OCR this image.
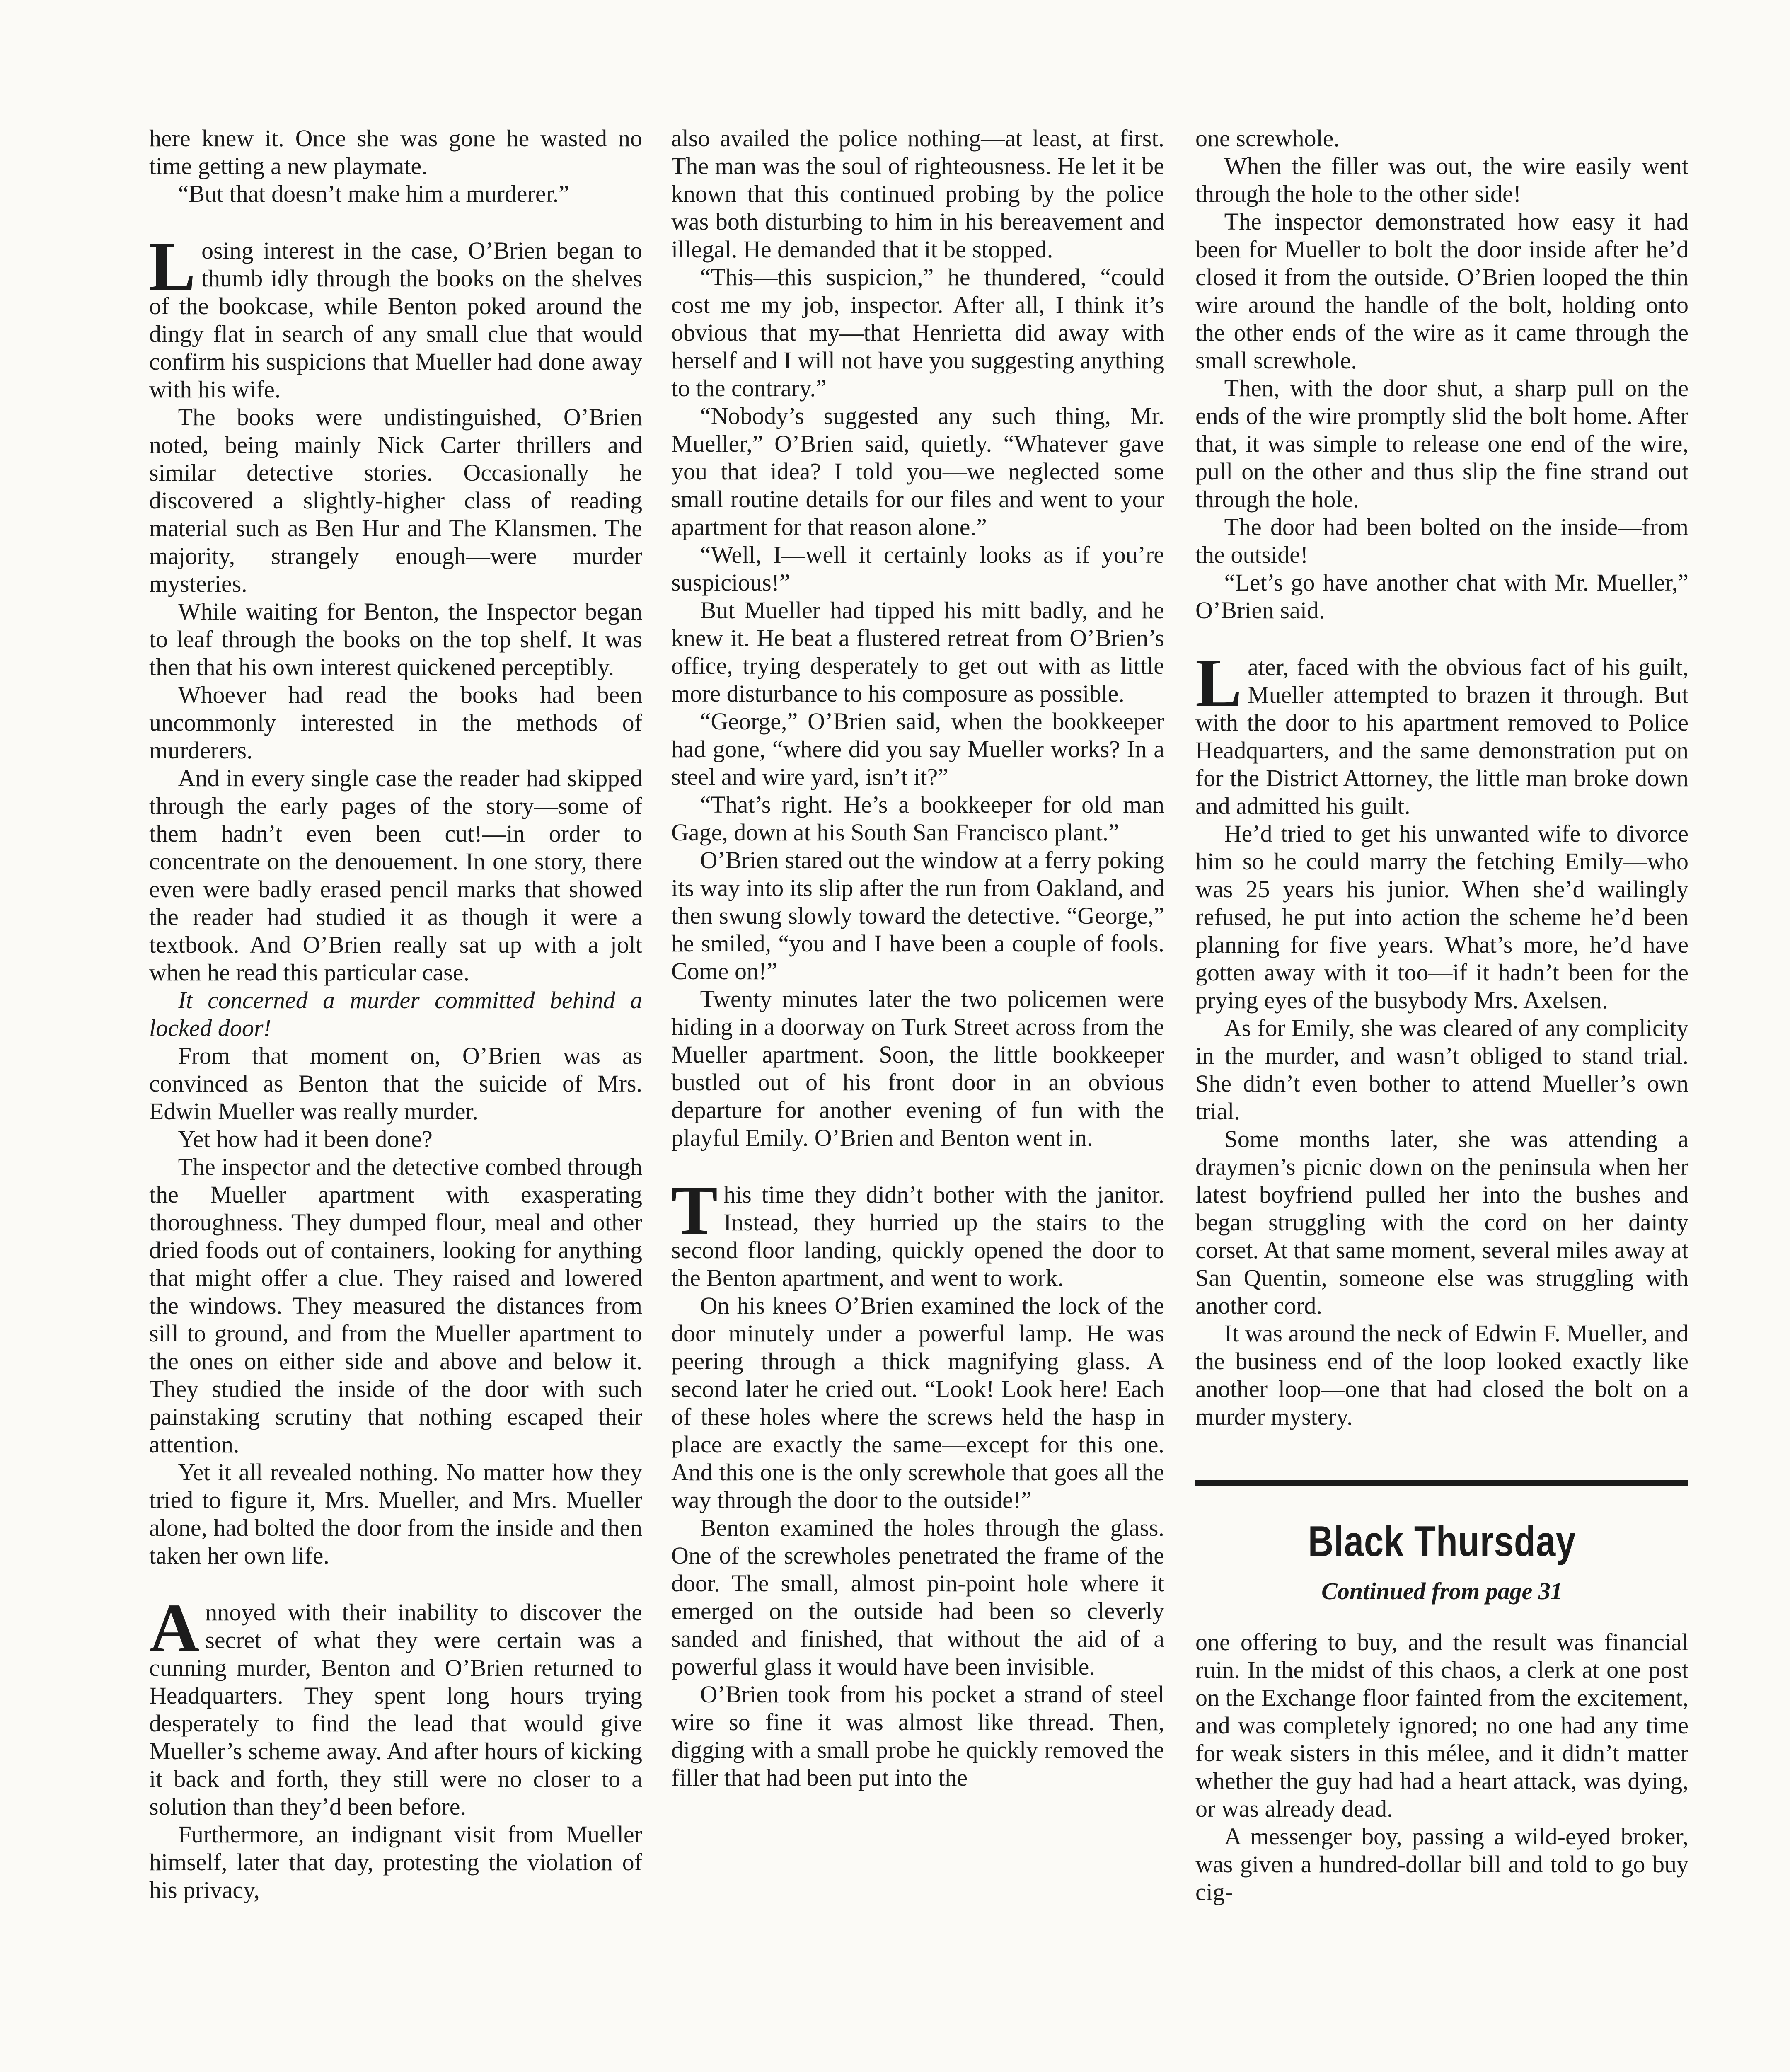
here knew it. Once she was gone he wasted no time getting a new playmate.

“But that doesn’t make him a murderer.”

Losing interest in the case, O’Brien began to thumb idly through the books on the shelves of the bookcase, while Benton poked around the dingy flat in search of any small clue that would confirm his suspicions that Mueller had done away with his wife.

The books were undistinguished, O’Brien noted, being mainly Nick Carter thrillers and similar detective stories. Occasionally he discovered a slightly-higher class of reading material such as Ben Hur and The Klansmen. The majority, strangely enough—were murder mysteries.

While waiting for Benton, the Inspector began to leaf through the books on the top shelf. It was then that his own interest quickened perceptibly.

Whoever had read the books had been uncommonly interested in the methods of murderers.

And in every single case the reader had skipped through the early pages of the story—some of them hadn’t even been cut!—in order to concentrate on the denouement. In one story, there even were badly erased pencil marks that showed the reader had studied it as though it were a textbook. And O’Brien really sat up with a jolt when he read this particular case.

It concerned a murder committed behind a locked door!

From that moment on, O’Brien was as convinced as Benton that the suicide of Mrs. Edwin Mueller was really murder.

Yet how had it been done?

The inspector and the detective combed through the Mueller apartment with exasperating thoroughness. They dumped flour, meal and other dried foods out of containers, looking for anything that might offer a clue. They raised and lowered the windows. They measured the distances from sill to ground, and from the Mueller apartment to the ones on either side and above and below it. They studied the inside of the door with such painstaking scrutiny that nothing escaped their attention.

Yet it all revealed nothing. No matter how they tried to figure it, Mrs. Mueller, and Mrs. Mueller alone, had bolted the door from the inside and then taken her own life.

Annoyed with their inability to discover the secret of what they were certain was a cunning murder, Benton and O’Brien returned to Headquarters. They spent long hours trying desperately to find the lead that would give Mueller’s scheme away. And after hours of kicking it back and forth, they still were no closer to a solution than they’d been before.

Furthermore, an indignant visit from Mueller himself, later that day, protesting the violation of his privacy,

also availed the police nothing—at least, at first. The man was the soul of righteousness. He let it be known that this continued probing by the police was both disturbing to him in his bereavement and illegal. He demanded that it be stopped.

“This—this suspicion,” he thundered, “could cost me my job, inspector. After all, I think it’s obvious that my—that Henrietta did away with herself and I will not have you suggesting anything to the contrary.”

“Nobody’s suggested any such thing, Mr. Mueller,” O’Brien said, quietly. “Whatever gave you that idea? I told you—we neglected some small routine details for our files and went to your apartment for that reason alone.”

“Well, I—well it certainly looks as if you’re suspicious!”

But Mueller had tipped his mitt badly, and he knew it. He beat a flustered retreat from O’Brien’s office, trying desperately to get out with as little more disturbance to his composure as possible.

“George,” O’Brien said, when the bookkeeper had gone, “where did you say Mueller works? In a steel and wire yard, isn’t it?”

“That’s right. He’s a bookkeeper for old man Gage, down at his South San Francisco plant.”

O’Brien stared out the window at a ferry poking its way into its slip after the run from Oakland, and then swung slowly toward the detective. “George,” he smiled, “you and I have been a couple of fools. Come on!”

Twenty minutes later the two policemen were hiding in a doorway on Turk Street across from the Mueller apartment. Soon, the little bookkeeper bustled out of his front door in an obvious departure for another evening of fun with the playful Emily. O’Brien and Benton went in.

This time they didn’t bother with the janitor. Instead, they hurried up the stairs to the second floor landing, quickly opened the door to the Benton apartment, and went to work.

On his knees O’Brien examined the lock of the door minutely under a powerful lamp. He was peering through a thick magnifying glass. A second later he cried out. “Look! Look here! Each of these holes where the screws held the hasp in place are exactly the same—except for this one. And this one is the only screwhole that goes all the way through the door to the outside!”

Benton examined the holes through the glass. One of the screwholes penetrated the frame of the door. The small, almost pin-point hole where it emerged on the outside had been so cleverly sanded and finished, that without the aid of a powerful glass it would have been invisible.

O’Brien took from his pocket a strand of steel wire so fine it was almost like thread. Then, digging with a small probe he quickly removed the filler that had been put into the

one screwhole.

When the filler was out, the wire easily went through the hole to the other side!

The inspector demonstrated how easy it had been for Mueller to bolt the door inside after he’d closed it from the outside. O’Brien looped the thin wire around the handle of the bolt, holding onto the other ends of the wire as it came through the small screwhole.

Then, with the door shut, a sharp pull on the ends of the wire promptly slid the bolt home. After that, it was simple to release one end of the wire, pull on the other and thus slip the fine strand out through the hole.

The door had been bolted on the inside—from the outside!

“Let’s go have another chat with Mr. Mueller,” O’Brien said.

Later, faced with the obvious fact of his guilt, Mueller attempted to brazen it through. But with the door to his apartment removed to Police Headquarters, and the same demonstration put on for the District Attorney, the little man broke down and admitted his guilt.

He’d tried to get his unwanted wife to divorce him so he could marry the fetching Emily—who was 25 years his junior. When she’d wailingly refused, he put into action the scheme he’d been planning for five years. What’s more, he’d have gotten away with it too—if it hadn’t been for the prying eyes of the busybody Mrs. Axelsen.

As for Emily, she was cleared of any complicity in the murder, and wasn’t obliged to stand trial. She didn’t even bother to attend Mueller’s own trial.

Some months later, she was attending a draymen’s picnic down on the peninsula when her latest boyfriend pulled her into the bushes and began struggling with the cord on her dainty corset. At that same moment, several miles away at San Quentin, someone else was struggling with another cord.

It was around the neck of Edwin F. Mueller, and the business end of the loop looked exactly like another loop—one that had closed the bolt on a murder mystery.

Black Thursday
Continued from page 31

one offering to buy, and the result was financial ruin. In the midst of this chaos, a clerk at one post on the Exchange floor fainted from the excitement, and was completely ignored; no one had any time for weak sisters in this mélee, and it didn’t matter whether the guy had had a heart attack, was dying, or was already dead.

A messenger boy, passing a wild-eyed broker, was given a hundred-dollar bill and told to go buy cig-
